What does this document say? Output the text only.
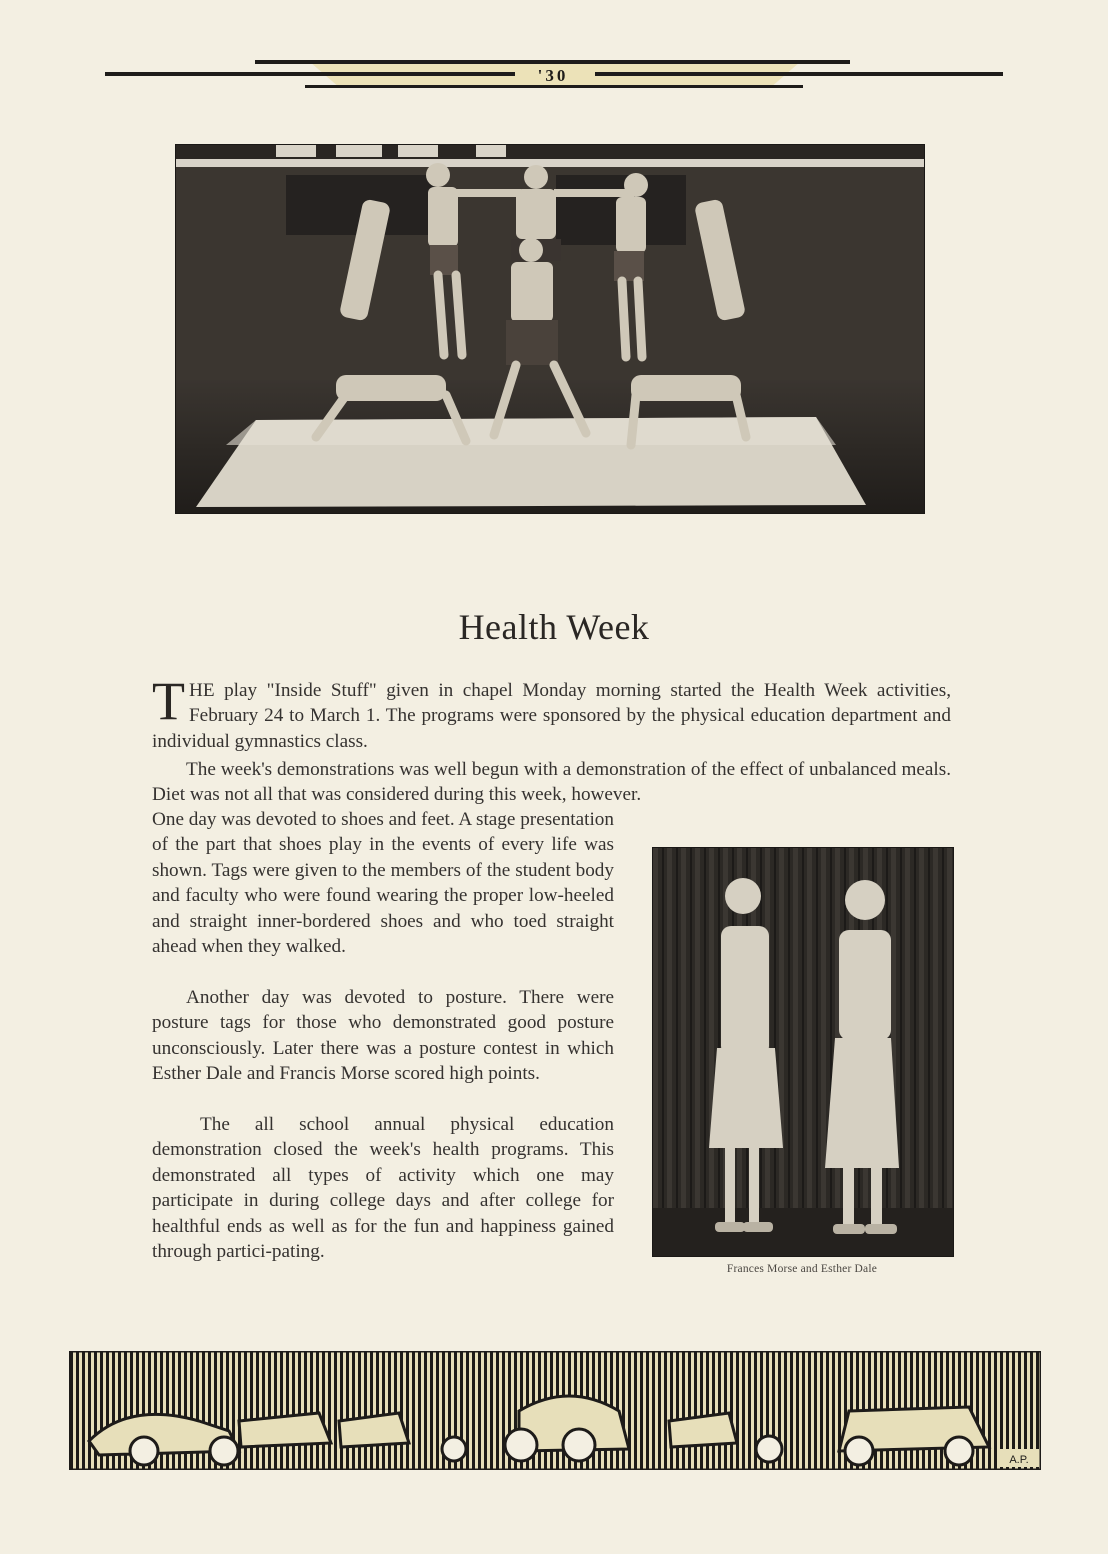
'30
Health Week

THE play "Inside Stuff" given in chapel Monday morning started the Health Week activities, February 24 to March 1. The programs were sponsored by the physical education department and individual gymnastics class.

The week's demonstrations was well begun with a demonstration of the effect of unbalanced meals. Diet was not all that was considered during this week, however.

One day was devoted to shoes and feet. A stage presentation of the part that shoes play in the events of every life was shown. Tags were given to the members of the student body and faculty who were found wearing the proper low-heeled and straight inner-bordered shoes and who toed straight ahead when they walked.

Another day was devoted to posture. There were posture tags for those who demonstrated good posture unconsciously. Later there was a posture contest in which Esther Dale and Francis Morse scored high points.

The all school annual physical education demonstration closed the week's health programs. This demonstrated all types of activity which one may participate in during college days and after college for healthful ends as well as for the fun and happiness gained through partici-pating.

Frances Morse and Esther Dale
A.P.
